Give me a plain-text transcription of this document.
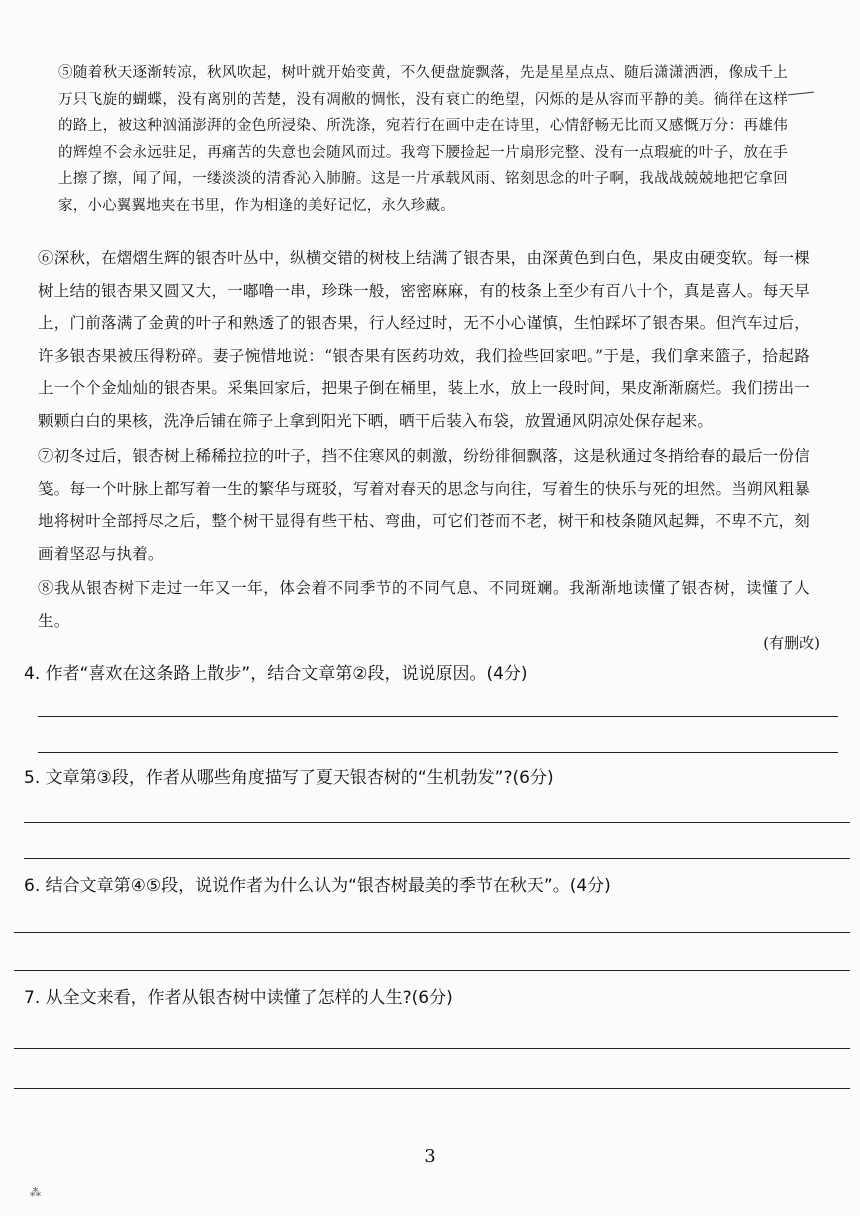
⑤随着秋天逐渐转凉，秋风吹起，树叶就开始变黄，不久便盘旋飘落，先是星星点点、随后潇潇洒洒，像成千上万只飞旋的蝴蝶，没有离别的苦楚，没有凋敝的惆怅，没有衰亡的绝望，闪烁的是从容而平静的美。徜徉在这样的路上，被这种汹涌澎湃的金色所浸染、所洗涤，宛若行在画中走在诗里，心情舒畅无比而又感慨万分：再雄伟的辉煌不会永远驻足，再痛苦的失意也会随风而过。我弯下腰捡起一片扇形完整、没有一点瑕疵的叶子，放在手上擦了擦，闻了闻，一缕淡淡的清香沁入肺腑。这是一片承载风雨、铭刻思念的叶子啊，我战战兢兢地把它拿回家，小心翼翼地夹在书里，作为相逢的美好记忆，永久珍藏。

⑥深秋，在熠熠生辉的银杏叶丛中，纵横交错的树枝上结满了银杏果，由深黄色到白色，果皮由硬变软。每一棵树上结的银杏果又圆又大，一嘟噜一串，珍珠一般，密密麻麻，有的枝条上至少有百八十个，真是喜人。每天早上，门前落满了金黄的叶子和熟透了的银杏果，行人经过时，无不小心谨慎，生怕踩坏了银杏果。但汽车过后，许多银杏果被压得粉碎。妻子惋惜地说：“银杏果有医药功效，我们捡些回家吧。”于是，我们拿来篮子，拾起路上一个个金灿灿的银杏果。采集回家后，把果子倒在桶里，装上水，放上一段时间，果皮渐渐腐烂。我们捞出一颗颗白白的果核，洗净后铺在筛子上拿到阳光下晒，晒干后装入布袋，放置通风阴凉处保存起来。

⑦初冬过后，银杏树上稀稀拉拉的叶子，挡不住寒风的刺激，纷纷徘徊飘落，这是秋通过冬捎给春的最后一份信笺。每一个叶脉上都写着一生的繁华与斑驳，写着对春天的思念与向往，写着生的快乐与死的坦然。当朔风粗暴地将树叶全部捋尽之后，整个树干显得有些干枯、弯曲，可它们苍而不老，树干和枝条随风起舞，不卑不亢，刻画着坚忍与执着。

⑧我从银杏树下走过一年又一年，体会着不同季节的不同气息、不同斑斓。我渐渐地读懂了银杏树，读懂了人生。

(有删改)
4. 作者“喜欢在这条路上散步”，结合文章第②段，说说原因。(4分)
5. 文章第③段，作者从哪些角度描写了夏天银杏树的“生机勃发”?(6分)
6. 结合文章第④⑤段，说说作者为什么认为“银杏树最美的季节在秋天”。(4分)
7. 从全文来看，作者从银杏树中读懂了怎样的人生?(6分)
3
⁂
